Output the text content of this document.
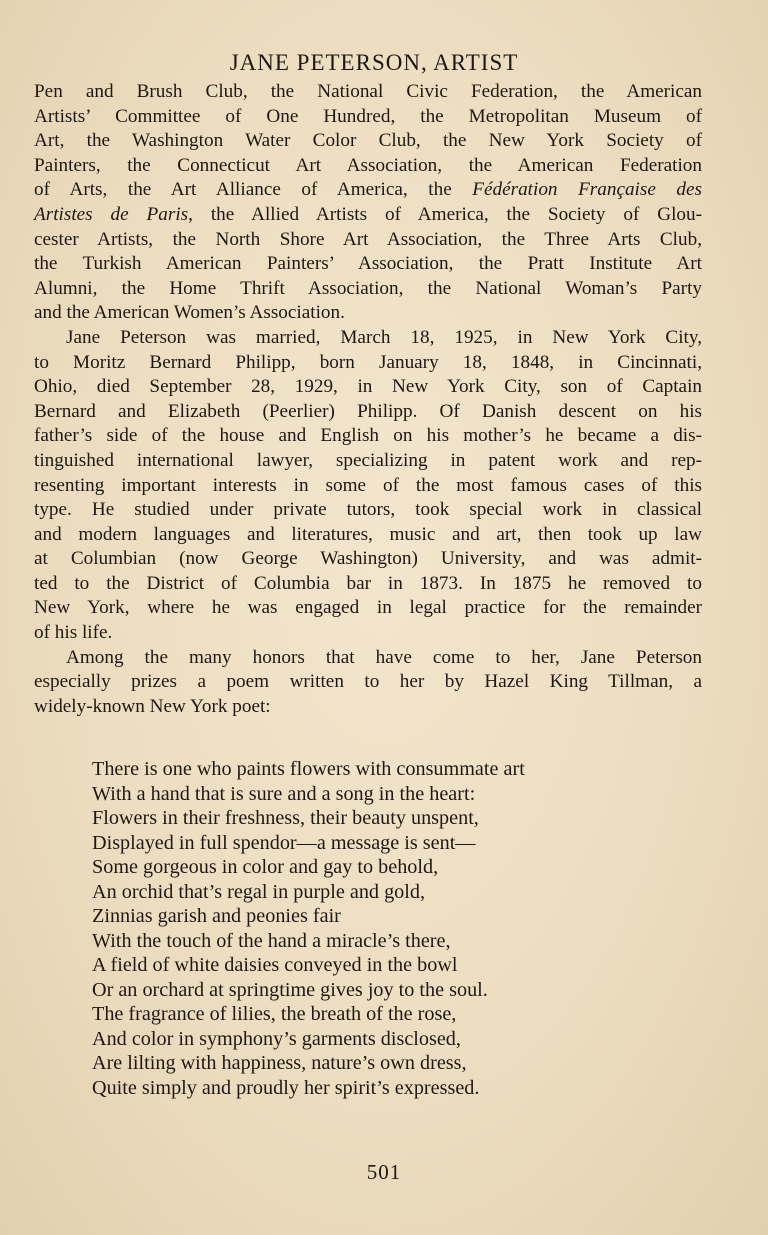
JANE PETERSON, ARTIST

Pen and Brush Club, the National Civic Federation, the American
Artists’ Committee of One Hundred, the Metropolitan Museum of
Art, the Washington Water Color Club, the New York Society of
Painters, the Connecticut Art Association, the American Federation
of Arts, the Art Alliance of America, the Fédération Française des
Artistes de Paris, the Allied Artists of America, the Society of Glou-
cester Artists, the North Shore Art Association, the Three Arts Club,
the Turkish American Painters’ Association, the Pratt Institute Art
Alumni, the Home Thrift Association, the National Woman’s Party
and the American Women’s Association.

Jane Peterson was married, March 18, 1925, in New York City,
to Moritz Bernard Philipp, born January 18, 1848, in Cincinnati,
Ohio, died September 28, 1929, in New York City, son of Captain
Bernard and Elizabeth (Peerlier) Philipp. Of Danish descent on his
father’s side of the house and English on his mother’s he became a dis-
tinguished international lawyer, specializing in patent work and rep-
resenting important interests in some of the most famous cases of this
type. He studied under private tutors, took special work in classical
and modern languages and literatures, music and art, then took up law
at Columbian (now George Washington) University, and was admit-
ted to the District of Columbia bar in 1873. In 1875 he removed to
New York, where he was engaged in legal practice for the remainder
of his life.

Among the many honors that have come to her, Jane Peterson
especially prizes a poem written to her by Hazel King Tillman, a
widely-known New York poet:

There is one who paints flowers with consummate art
With a hand that is sure and a song in the heart:
Flowers in their freshness, their beauty unspent,
Displayed in full spendor—a message is sent—
Some gorgeous in color and gay to behold,
An orchid that’s regal in purple and gold,
Zinnias garish and peonies fair
With the touch of the hand a miracle’s there,
A field of white daisies conveyed in the bowl
Or an orchard at springtime gives joy to the soul.
The fragrance of lilies, the breath of the rose,
And color in symphony’s garments disclosed,
Are lilting with happiness, nature’s own dress,
Quite simply and proudly her spirit’s expressed.
501
